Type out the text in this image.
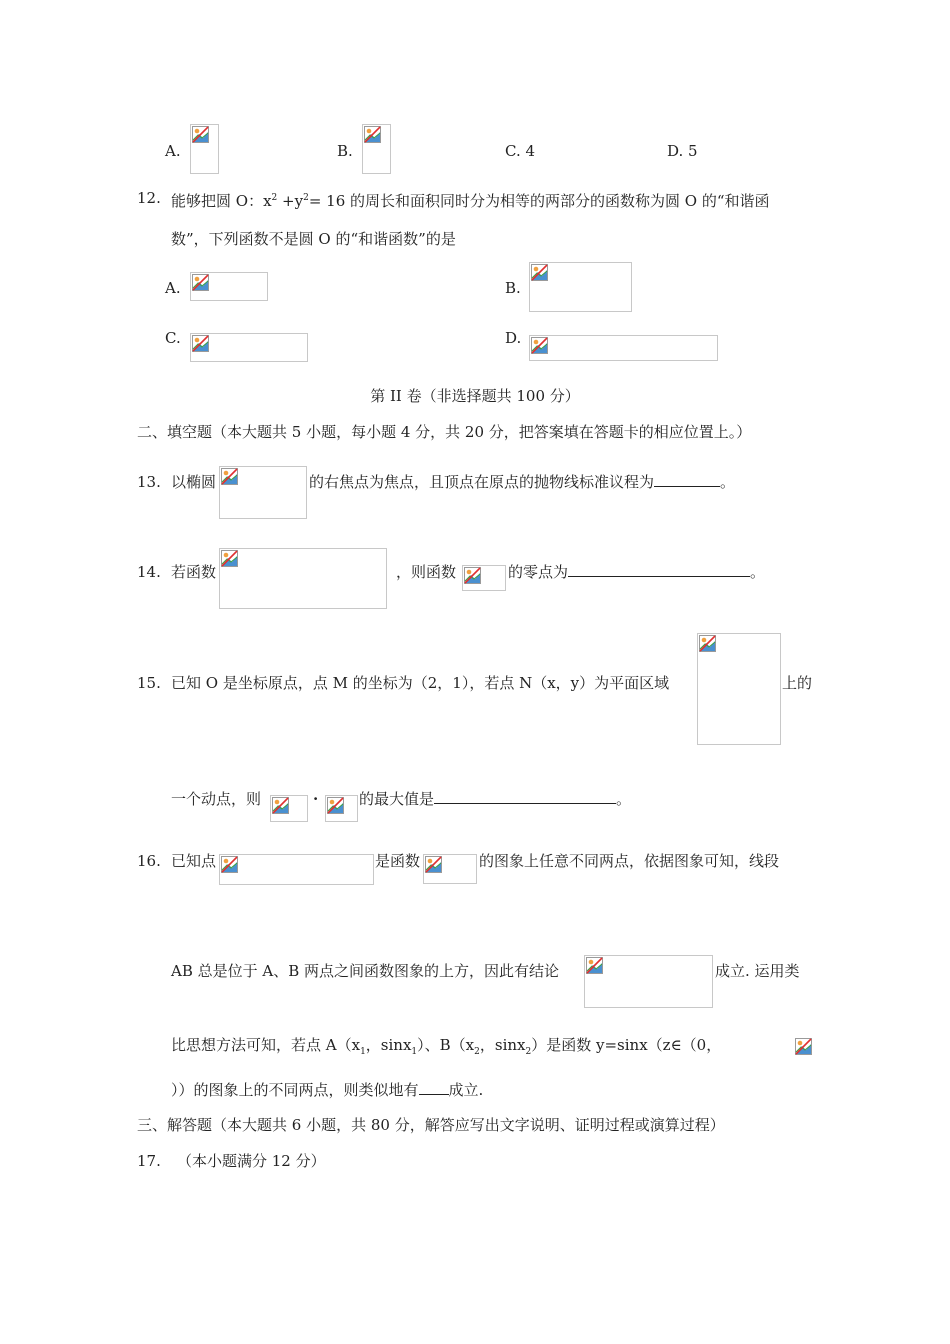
A.	B.	C. 4	D. 5
12. 能够把圆 O：$x^2 +y^2= 16$ 的周长和面积同时分为相等的两部分的函数称为圆 O 的“和谐函
数”，下列函数不是圆 O 的“和谐函数”的是
A.	B.
C.	D.
第 II 卷（非选择题共 100 分）
二、填空题（本大题共 5 小题，每小题 4 分，共 20 分，把答案填在答题卡的相应位置上。）
13. 以椭圆	的右焦点为焦点，且顶点在原点的抛物线标准议程为	。
14. 若函数	，则函数	的零点为	。
15. 已知 O 是坐标原点，点 M 的坐标为（2，1），若点 N（x，y）为平面区域	上的
一个动点，则	·	的最大值是	。
16. 已知点	是函数	的图象上任意不同两点，依据图象可知，线段
AB 总是位于 A、B 两点之间函数图象的上方，因此有结论	成立. 运用类
比思想方法可知，若点 $A(x_1$，sinx$_1$）、$B(x_2$，sinx$_2$）是函数 y=sinx（z∈（0，
））的图象上的不同两点，则类似地有 成立.
三、解答题（本大题共 6 小题，共 80 分，解答应写出文字说明、证明过程或演算过程）
17. （本小题满分 12 分）
